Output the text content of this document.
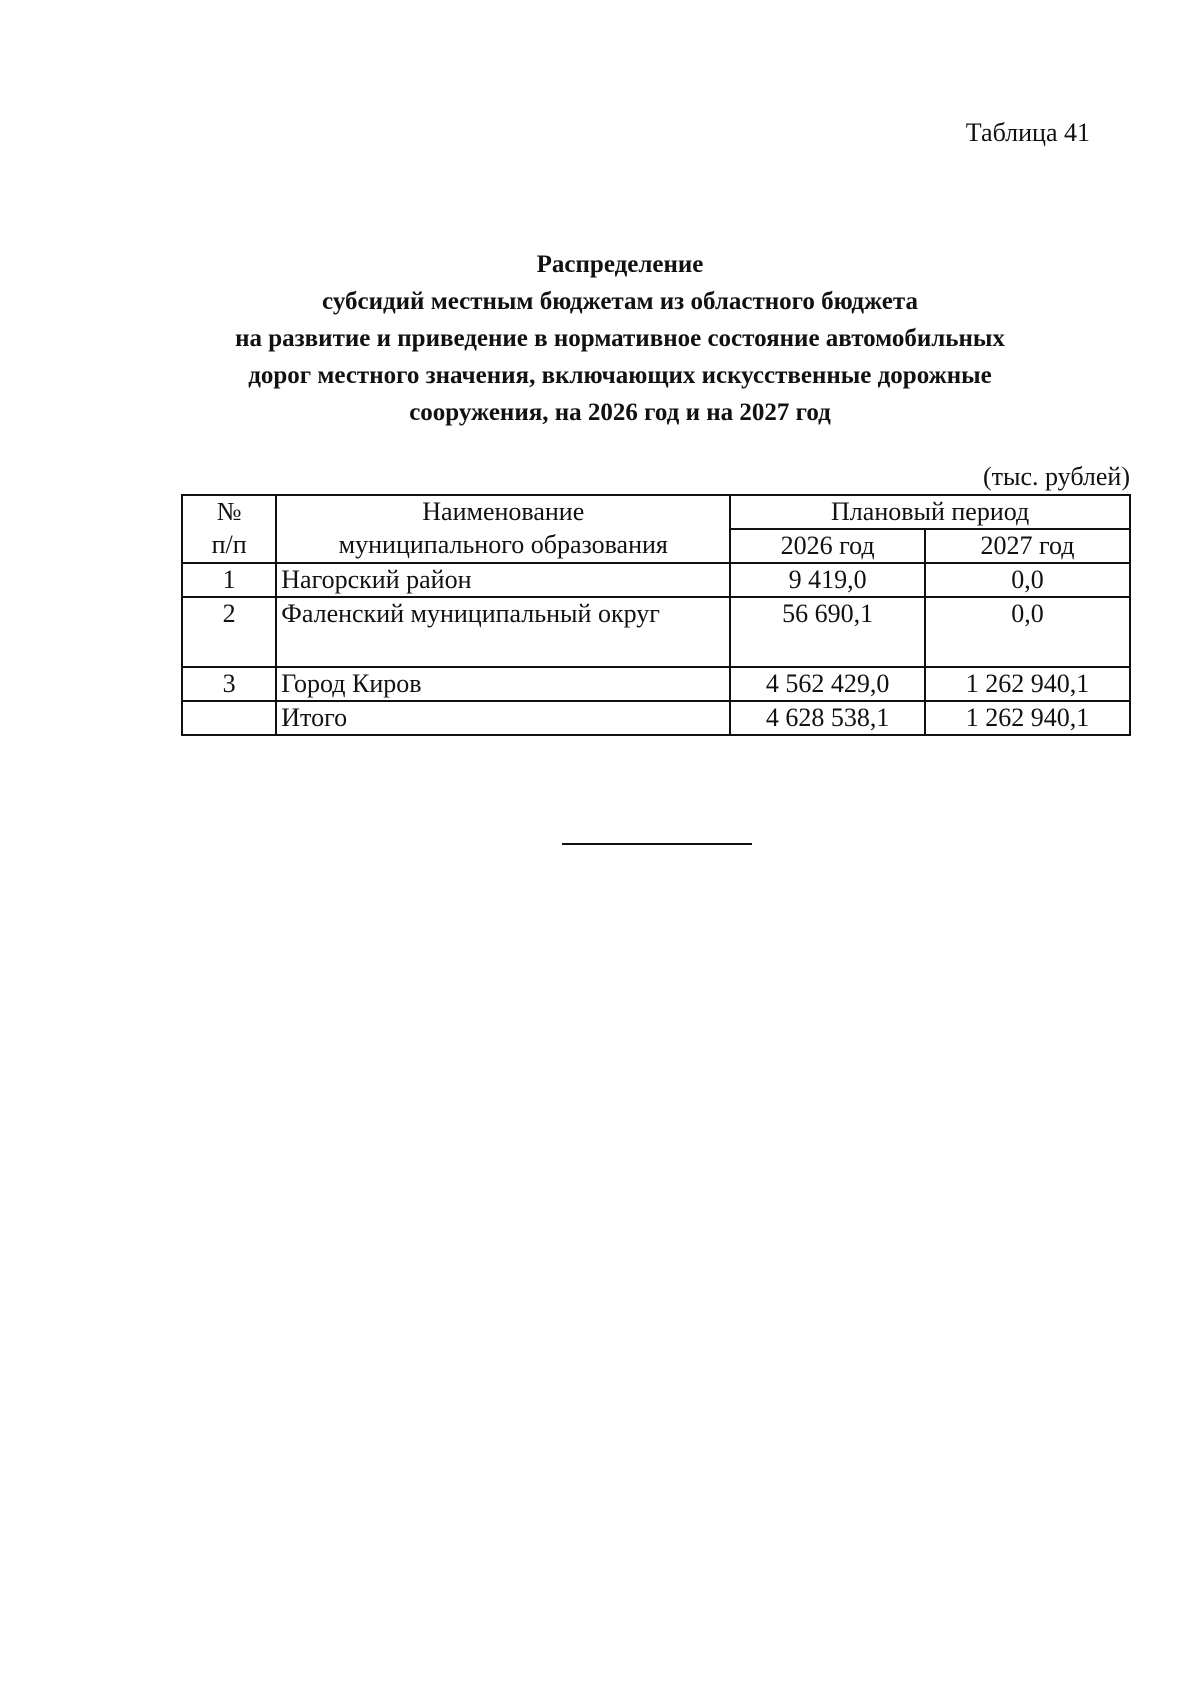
Таблица 41
Распределение
субсидий местным бюджетам из областного бюджета
на развитие и приведение в нормативное состояние автомобильных
дорог местного значения, включающих искусственные дорожные
сооружения, на 2026 год и на 2027 год
(тыс. рублей)
№	Наименование	Плановый период	
п/п	муниципального образования	2026 год	2027 год
1	Нагорский район	9 419,0	0,0
2	Фаленский муниципальный округ	56 690,1	0,0
3	Город Киров	4 562 429,0	1 262 940,1
	Итого	4 628 538,1	1 262 940,1
